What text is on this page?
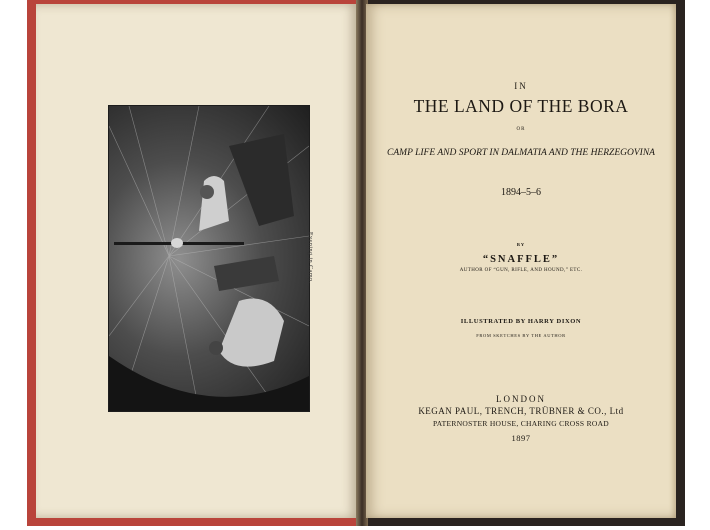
Evening in Camp.
IN
THE LAND OF THE BORA
OR
CAMP LIFE AND SPORT IN DALMATIA AND THE HERZEGOVINA
1894–5–6
BY
“SNAFFLE”
AUTHOR OF “GUN, RIFLE, AND HOUND,” ETC.
ILLUSTRATED BY HARRY DIXON
FROM SKETCHES BY THE AUTHOR
LONDON
KEGAN PAUL, TRENCH, TRÜBNER & CO., Ltd
PATERNOSTER HOUSE, CHARING CROSS ROAD
1897
